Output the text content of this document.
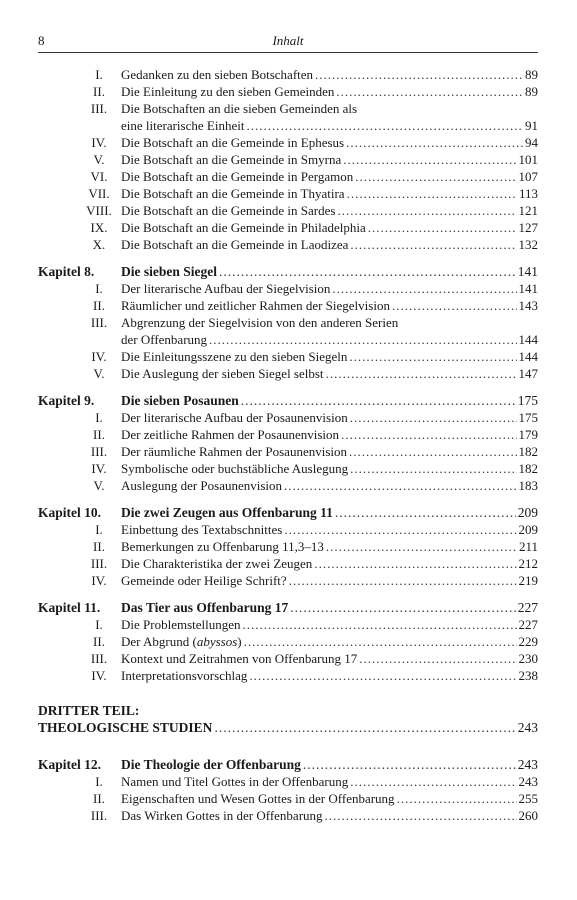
8	Inhalt
I.	Gedanken zu den sieben Botschaften .....	89
II.	Die Einleitung zu den sieben Gemeinden .....	89
III.	Die Botschaften an die sieben Gemeinden als
eine literarische Einheit .....	91
IV.	Die Botschaft an die Gemeinde in Ephesus .....	94
V.	Die Botschaft an die Gemeinde in Smyrna .....	101
VI.	Die Botschaft an die Gemeinde in Pergamon .....	107
VII. Die Botschaft an die Gemeinde in Thyatira .....	113
VIII. Die Botschaft an die Gemeinde in Sardes .....	121
IX.	Die Botschaft an die Gemeinde in Philadelphia .....	127
X.	Die Botschaft an die Gemeinde in Laodizea .....	132
Kapitel 8. Die sieben Siegel .....	141
I.	Der literarische Aufbau der Siegelvision .....	141
II.	Räumlicher und zeitlicher Rahmen der Siegelvision .....	143
III.	Abgrenzung der Siegelvision von den anderen Serien
der Offenbarung .....	144
IV.	Die Einleitungsszene zu den sieben Siegeln .....	144
V.	Die Auslegung der sieben Siegel selbst .....	147
Kapitel 9. Die sieben Posaunen .....	175
I.	Der literarische Aufbau der Posaunenvision .....	175
II.	Der zeitliche Rahmen der Posaunenvision .....	179
III.	Der räumliche Rahmen der Posaunenvision .....	182
IV.	Symbolische oder buchstäbliche Auslegung .....	182
V.	Auslegung der Posaunenvision .....	183
Kapitel 10. Die zwei Zeugen aus Offenbarung 11 .....	209
I.	Einbettung des Textabschnittes .....	209
II.	Bemerkungen zu Offenbarung 11,3–13 .....	211
III.	Die Charakteristika der zwei Zeugen .....	212
IV.	Gemeinde oder Heilige Schrift? .....	219
Kapitel 11. Das Tier aus Offenbarung 17 .....	227
I.	Die Problemstellungen .....	227
II.	Der Abgrund (abyssos) .....	229
III.	Kontext und Zeitrahmen von Offenbarung 17 .....	230
IV.	Interpretationsvorschlag .....	238
DRITTER TEIL:
THEOLOGISCHE STUDIEN .....	243
Kapitel 12. Die Theologie der Offenbarung .....	243
I.	Namen und Titel Gottes in der Offenbarung .....	243
II.	Eigenschaften und Wesen Gottes in der Offenbarung .....	255
III.	Das Wirken Gottes in der Offenbarung .....	260
